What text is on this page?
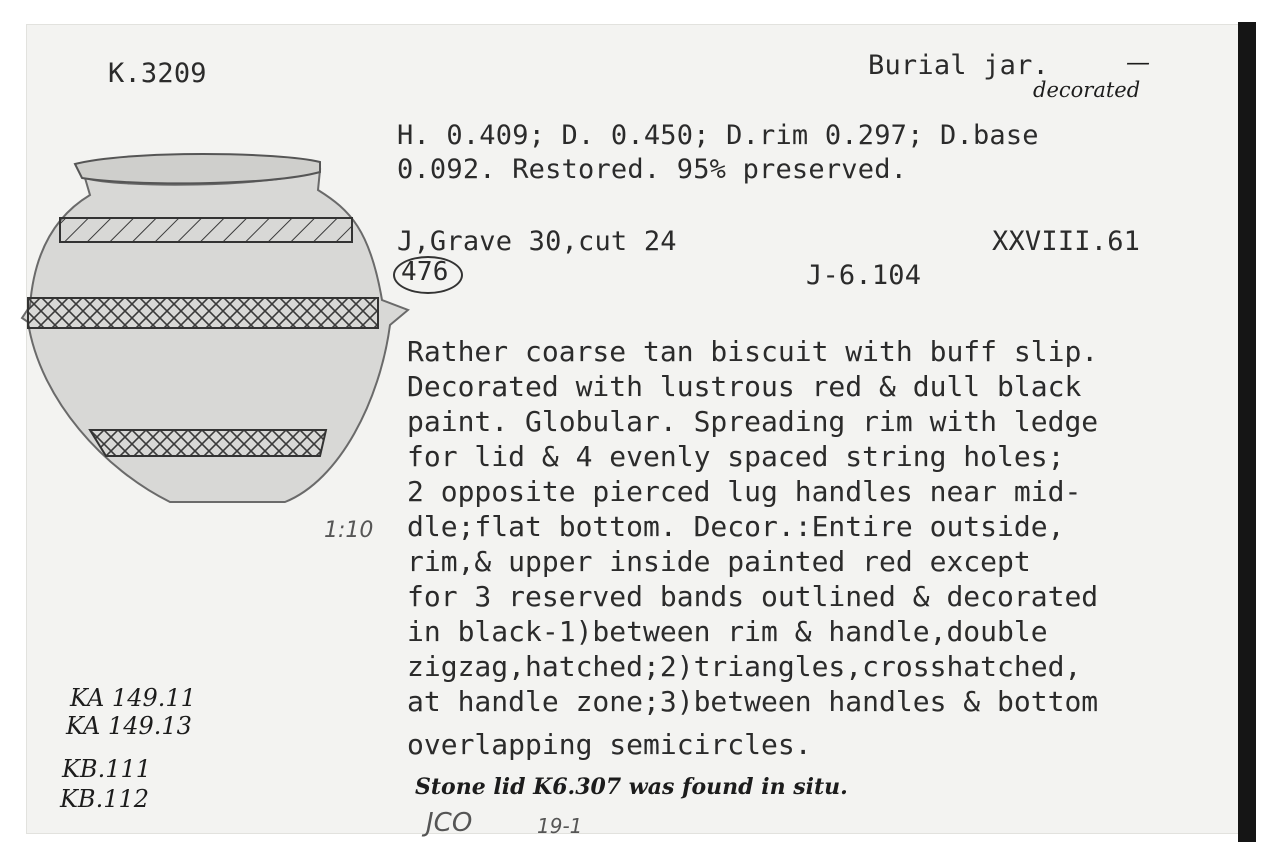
K.3209	Burial jar.	—
decorated
H. 0.409; D. 0.450; D.rim 0.297; D.base
0.092. Restored. 95% preserved.
J,Grave 30,cut 24	XXVIII.61
476	J-6.104
1:10
Rather coarse tan biscuit with buff slip.
Decorated with lustrous red & dull black
paint. Globular. Spreading rim with ledge
for lid & 4 evenly spaced string holes;
2 opposite pierced lug handles near mid-
dle;flat bottom. Decor.:Entire outside,
rim,& upper inside painted red except
for 3 reserved bands outlined & decorated
in black-1)between rim & handle,double
zigzag,hatched;2)triangles,crosshatched,
at handle zone;3)between handles & bottom
overlapping semicircles.
Stone lid K6.307 was found in situ.
JCO	19-1
KA 149.11
KA 149.13
KB.111
KB.112
